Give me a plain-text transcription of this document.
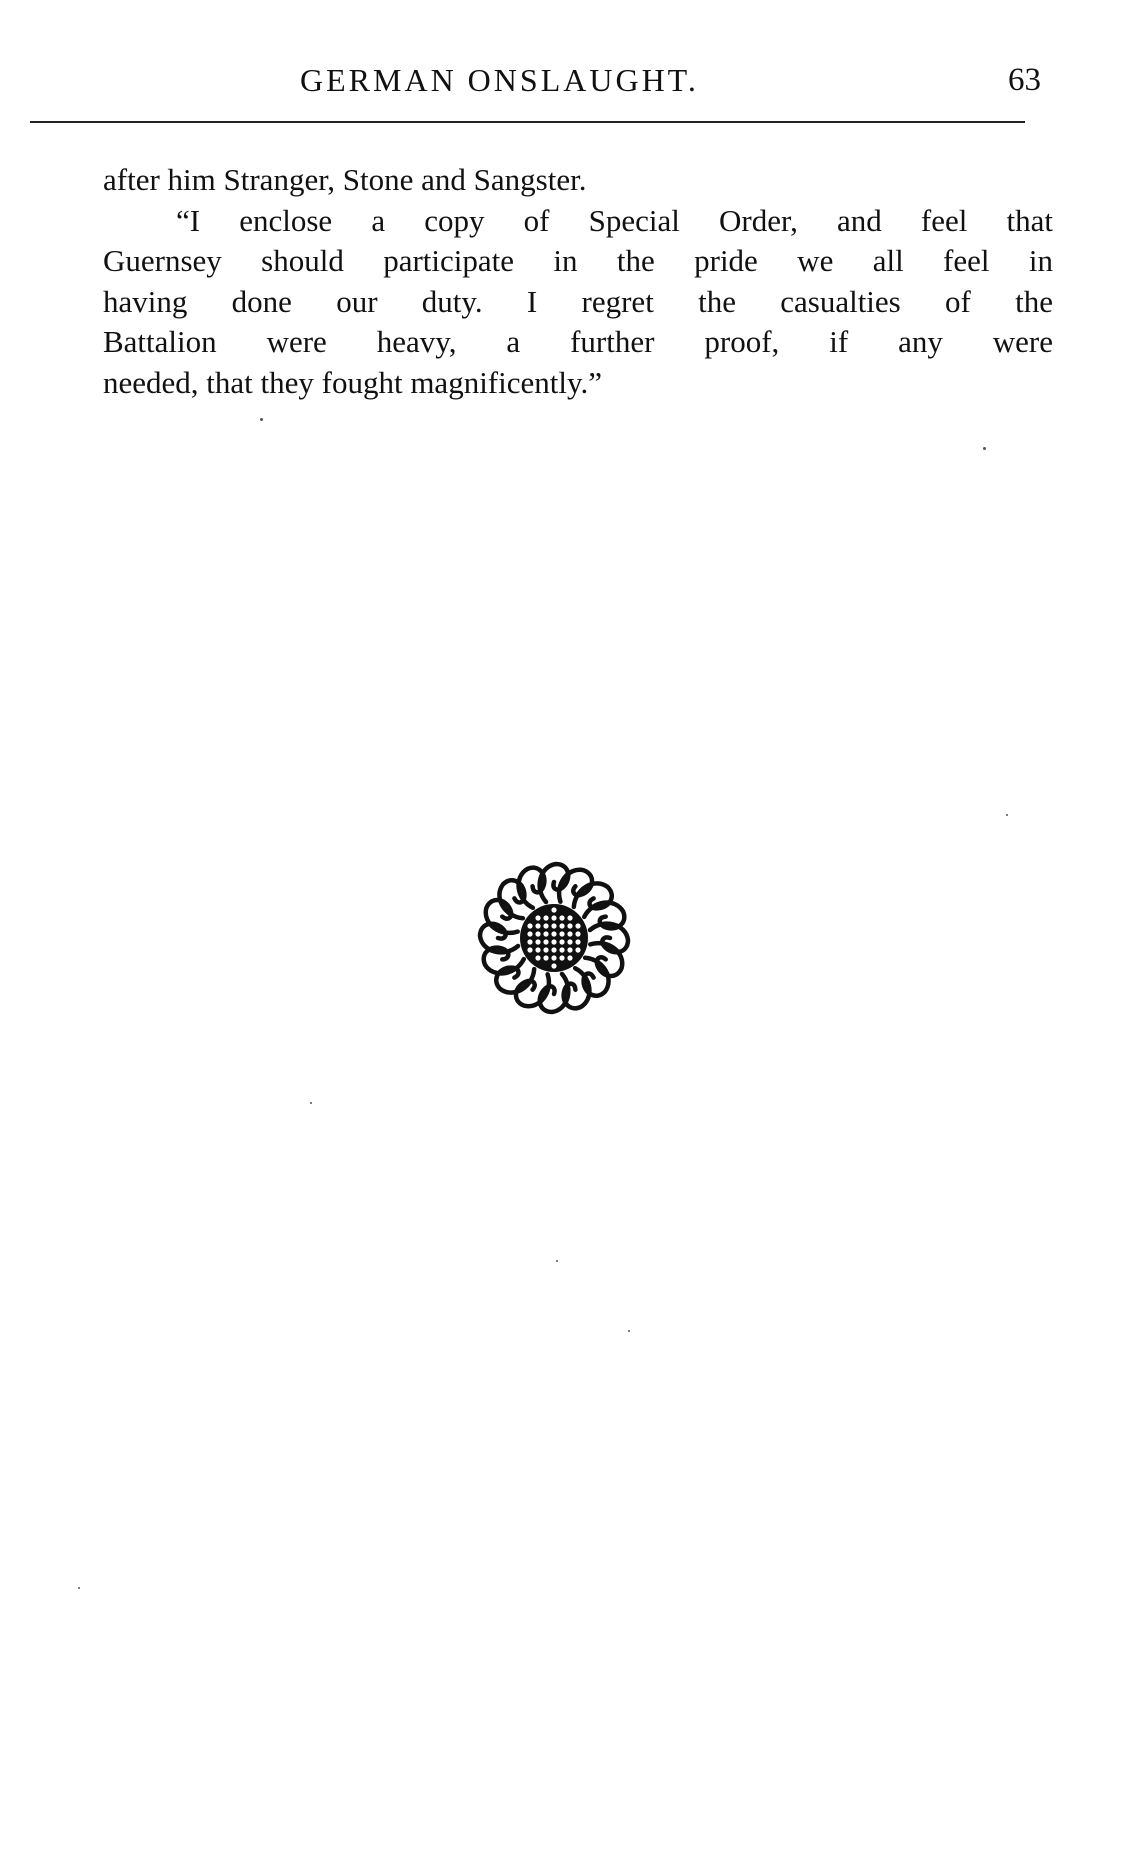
GERMAN ONSLAUGHT.	63
after him Stranger, Stone and Sangster.
“I enclose a copy of Special Order, and feel that
Guernsey should participate in the pride we all feel in
having done our duty. I regret the casualties of the
Battalion were heavy, a further proof, if any were
needed, that they fought magnificently.”
